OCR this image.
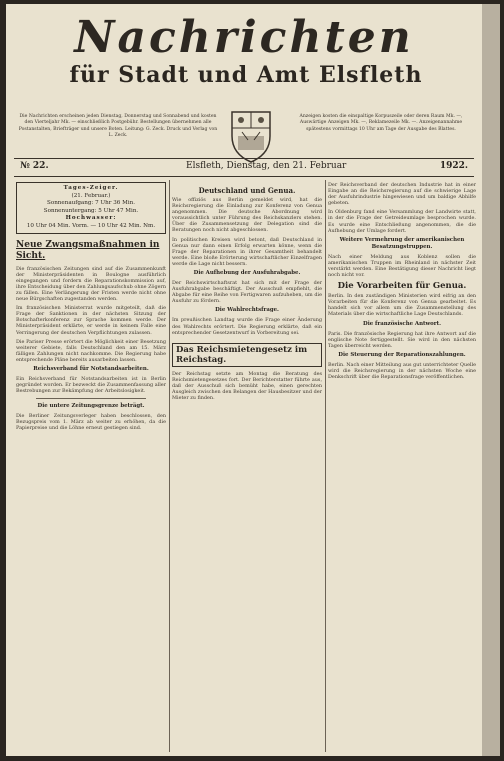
Nachrichten
für Stadt und Amt Elsfleth
Die Nachrichten erscheinen jeden Dienstag, Donnerstag und Sonnabend und kosten den Vierteljahr Mk. — einschließlich Postgebühr. Bestellungen übernehmen alle Postanstalten, Briefträger und unsere Boten. Leitung: G. Zeck. Druck und Verlag von L. Zeck.
Anzeigen kosten die einspaltige Korpuszeile oder deren Raum Mk. —, Auswärtige Anzeigen Mk. —, Reklamezeile Mk. —. Anzeigenannahme spätestens vormittags 10 Uhr am Tage der Ausgabe des Blattes.
№ 22.	Elsfleth, Dienstag, den 21. Februar	1922.
Tages-Zeiger.
(21. Februar.)
Sonnenaufgang: 7 Uhr 36 Min.
Sonnenuntergang: 5 Uhr 47 Min.
Hochwasser:
10 Uhr 04 Min. Vorm. — 10 Uhr 42 Min. Nm.
Neue Zwangsmaßnahmen in Sicht.

Die französischen Zeitungen sind auf die Zusammenkunft der Ministerpräsidenten in Boulogne ausführlich eingegangen und fordern die Reparationskommission auf, ihre Entscheidung über den Zahlungsaufschub ohne Zögern zu fällen. Eine Verlängerung der Fristen werde nicht ohne neue Bürgschaften zugestanden werden.

Im französischen Ministerrat wurde mitgeteilt, daß die Frage der Sanktionen in der nächsten Sitzung der Botschafterkonferenz zur Sprache kommen werde. Der Ministerpräsident erklärte, er werde in keinem Falle eine Verringerung der deutschen Verpflichtungen zulassen.

Die Pariser Presse erörtert die Möglichkeit einer Besetzung weiterer Gebiete, falls Deutschland den am 15. März fälligen Zahlungen nicht nachkomme. Die Regierung habe entsprechende Pläne bereits ausarbeiten lassen.

Reichsverband für Notstandsarbeiten.

Ein Reichsverband für Notstandsarbeiten ist in Berlin gegründet worden. Er bezweckt die Zusammenfassung aller Bestrebungen zur Bekämpfung der Arbeitslosigkeit.

Die untere Zeitungsgrenze beträgt.

Die Berliner Zeitungsverleger haben beschlossen, den Bezugspreis vom 1. März ab weiter zu erhöhen, da die Papierpreise und die Löhne erneut gestiegen sind.

Deutschland und Genua.

Wie offiziös aus Berlin gemeldet wird, hat die Reichsregierung die Einladung zur Konferenz von Genua angenommen. Die deutsche Abordnung wird voraussichtlich unter Führung des Reichskanzlers stehen. Über die Zusammensetzung der Delegation sind die Beratungen noch nicht abgeschlossen.

In politischen Kreisen wird betont, daß Deutschland in Genua nur dann einen Erfolg erwarten könne, wenn die Frage der Reparationen in ihrer Gesamtheit behandelt werde. Eine bloße Erörterung wirtschaftlicher Einzelfragen werde die Lage nicht bessern.

Die Aufhebung der Ausfuhrabgabe.

Der Reichswirtschaftsrat hat sich mit der Frage der Ausfuhrabgabe beschäftigt. Der Ausschuß empfiehlt, die Abgabe für eine Reihe von Fertigwaren aufzuheben, um die Ausfuhr zu fördern.

Die Wahlrechtsfrage.

Im preußischen Landtag wurde die Frage einer Änderung des Wahlrechts erörtert. Die Regierung erklärte, daß ein entsprechender Gesetzentwurf in Vorbereitung sei.

Das Reichsmietengesetz im Reichstag.

Der Reichstag setzte am Montag die Beratung des Reichsmietengesetzes fort. Der Berichterstatter führte aus, daß der Ausschuß sich bemüht habe, einen gerechten Ausgleich zwischen den Belangen der Hausbesitzer und der Mieter zu finden.

Der Reichsverband der deutschen Industrie hat in einer Eingabe an die Reichsregierung auf die schwierige Lage der Ausfuhrindustrie hingewiesen und um baldige Abhilfe gebeten.

In Oldenburg fand eine Versammlung der Landwirte statt, in der die Frage der Getreideumlage besprochen wurde. Es wurde eine Entschließung angenommen, die die Aufhebung der Umlage fordert.

Weitere Vermehrung der amerikanischen Besatzungstruppen.

Nach einer Meldung aus Koblenz sollen die amerikanischen Truppen im Rheinland in nächster Zeit verstärkt werden. Eine Bestätigung dieser Nachricht liegt noch nicht vor.

Die Vorarbeiten für Genua.

Berlin. In den zuständigen Ministerien wird eifrig an den Vorarbeiten für die Konferenz von Genua gearbeitet. Es handelt sich vor allem um die Zusammenstellung des Materials über die wirtschaftliche Lage Deutschlands.

Die französische Antwort.

Paris. Die französische Regierung hat ihre Antwort auf die englische Note fertiggestellt. Sie wird in den nächsten Tagen überreicht werden.

Die Steuerung der Reparationszahlungen.

Berlin. Nach einer Mitteilung aus gut unterrichteter Quelle wird die Reichsregierung in der nächsten Woche eine Denkschrift über die Reparationsfrage veröffentlichen.
